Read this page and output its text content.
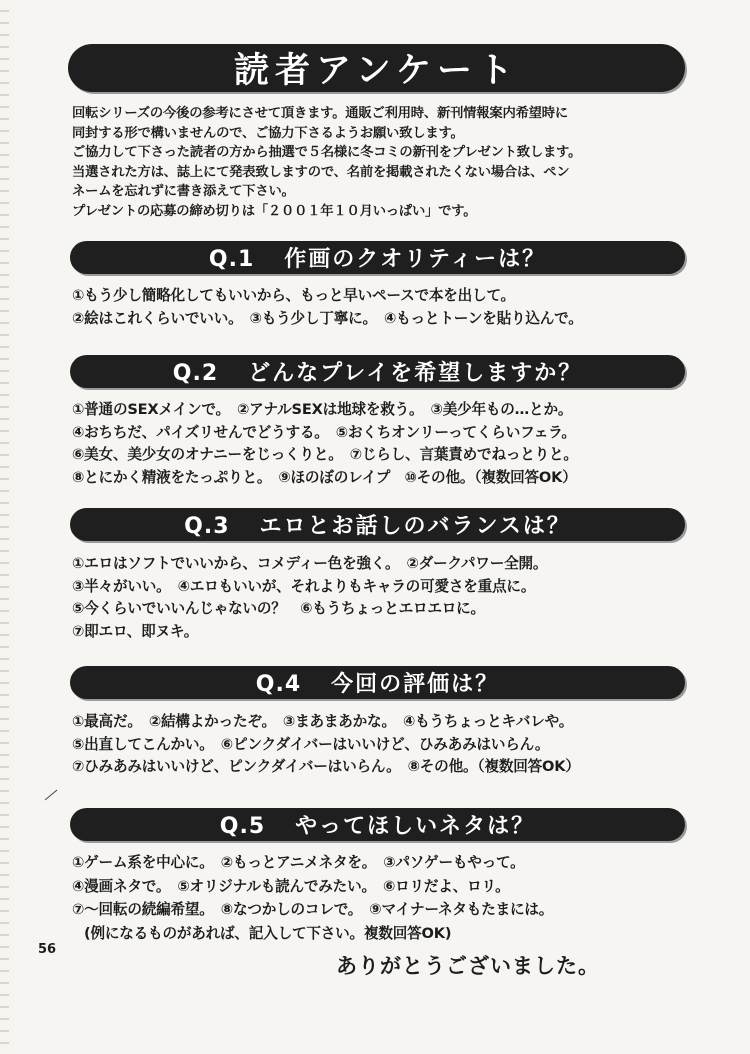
読者アンケート
回転シリーズの今後の参考にさせて頂きます。通販ご利用時、新刊情報案内希望時に
同封する形で構いませんので、ご協力下さるようお願い致します。
ご協力して下さった読者の方から抽選で５名様に冬コミの新刊をプレゼント致します。
当選された方は、誌上にて発表致しますので、名前を掲載されたくない場合は、ペン
ネームを忘れずに書き添えて下さい。
プレゼントの応募の締め切りは「２００１年１０月いっぱい」です。
Q.1 作画のクオリティーは？
①もう少し簡略化してもいいから、もっと早いペースで本を出して。
②絵はこれくらいでいい。　③もう少し丁寧に。　④もっとトーンを貼り込んで。
Q.2 どんなプレイを希望しますか？
①普通のSEXメインで。　②アナルSEXは地球を救う。　③美少年もの…とか。
④おちちだ、パイズリせんでどうする。　⑤おくちオンリーってくらいフェラ。
⑥美女、美少女のオナニーをじっくりと。　⑦じらし、言葉責めでねっとりと。
⑧とにかく精液をたっぷりと。　⑨ほのぼのレイプ　⑩その他。（複数回答OK）
Q.3 エロとお話しのバランスは？
①エロはソフトでいいから、コメディー色を強く。　②ダークパワー全開。
③半々がいい。　④エロもいいが、それよりもキャラの可愛さを重点に。
⑤今くらいでいいんじゃないの？　⑥もうちょっとエロエロに。
⑦即エロ、即ヌキ。
Q.4 今回の評価は？
①最高だ。　②結構よかったぞ。　③まあまあかな。　④もうちょっとキバレや。
⑤出直してこんかい。　⑥ピンクダイバーはいいけど、ひみあみはいらん。
⑦ひみあみはいいけど、ピンクダイバーはいらん。　⑧その他。（複数回答OK）
Q.5 やってほしいネタは？
①ゲーム系を中心に。　②もっとアニメネタを。　③パソゲーもやって。
④漫画ネタで。　⑤オリジナルも読んでみたい。　⑥ロリだよ、ロリ。
⑦〜回転の続編希望。　⑧なつかしのコレで。　⑨マイナーネタもたまには。
(例になるものがあれば、記入して下さい。複数回答OK)
56
ありがとうございました。
